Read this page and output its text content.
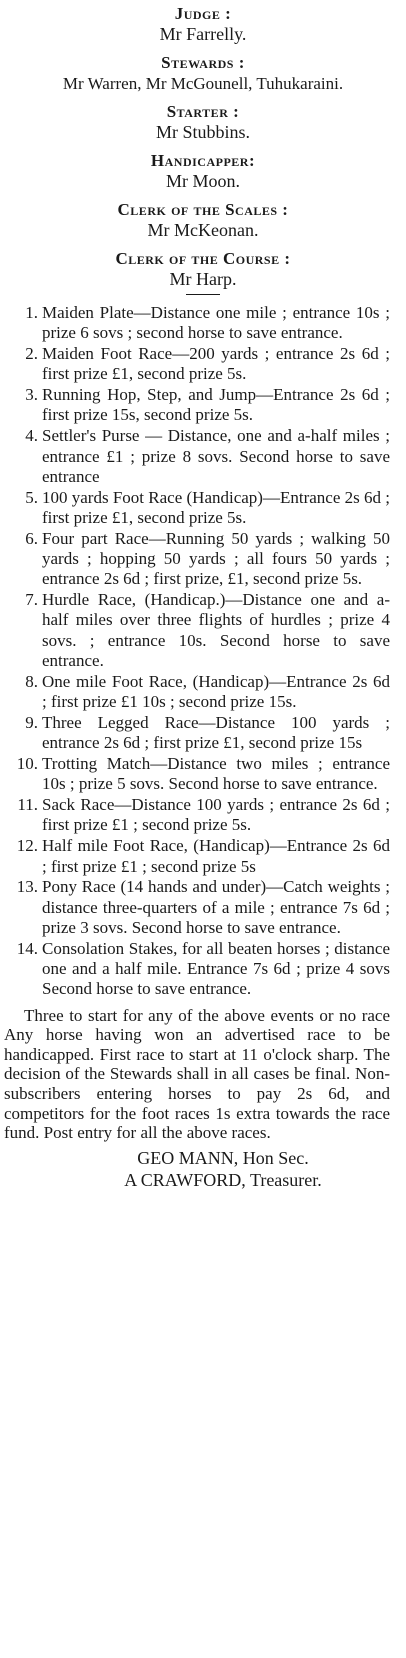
Judge :
Mr Farrelly.
Stewards :
Mr Warren, Mr McGounell, Tuhukaraini.
Starter :
Mr Stubbins.
Handicapper:
Mr Moon.
Clerk of the Scales :
Mr McKeonan.
Clerk of the Course :
Mr Harp.
1. Maiden Plate—Distance one mile ; entrance 10s ; prize 6 sovs ; second horse to save entrance.
2. Maiden Foot Race—200 yards ; entrance 2s 6d ; first prize £1, second prize 5s.
3. Running Hop, Step, and Jump—Entrance 2s 6d ; first prize 15s, second prize 5s.
4. Settler's Purse — Distance, one and a-half miles ; entrance £1 ; prize 8 sovs. Second horse to save entrance
5. 100 yards Foot Race (Handicap)—Entrance 2s 6d ; first prize £1, second prize 5s.
6. Four part Race—Running 50 yards ; walking 50 yards ; hopping 50 yards ; all fours 50 yards ; entrance 2s 6d ; first prize, £1, second prize 5s.
7. Hurdle Race, (Handicap.)—Distance one and a-half miles over three flights of hurdles ; prize 4 sovs. ; entrance 10s. Second horse to save entrance.
8. One mile Foot Race, (Handicap)—Entrance 2s 6d ; first prize £1 10s ; second prize 15s.
9. Three Legged Race—Distance 100 yards ; entrance 2s 6d ; first prize £1, second prize 15s
10. Trotting Match—Distance two miles ; entrance 10s ; prize 5 sovs. Second horse to save entrance.
11. Sack Race—Distance 100 yards ; entrance 2s 6d ; first prize £1 ; second prize 5s.
12. Half mile Foot Race, (Handicap)—Entrance 2s 6d ; first prize £1 ; second prize 5s
13. Pony Race (14 hands and under)—Catch weights ; distance three-quarters of a mile ; entrance 7s 6d ; prize 3 sovs. Second horse to save entrance.
14. Consolation Stakes, for all beaten horses ; distance one and a half mile. Entrance 7s 6d ; prize 4 sovs Second horse to save entrance.

Three to start for any of the above events or no race Any horse having won an advertised race to be handicapped. First race to start at 11 o'clock sharp. The decision of the Stewards shall in all cases be final. Non-subscribers entering horses to pay 2s 6d, and competitors for the foot races 1s extra towards the race fund. Post entry for all the above races.

GEO MANN, Hon Sec.
A CRAWFORD, Treasurer.
